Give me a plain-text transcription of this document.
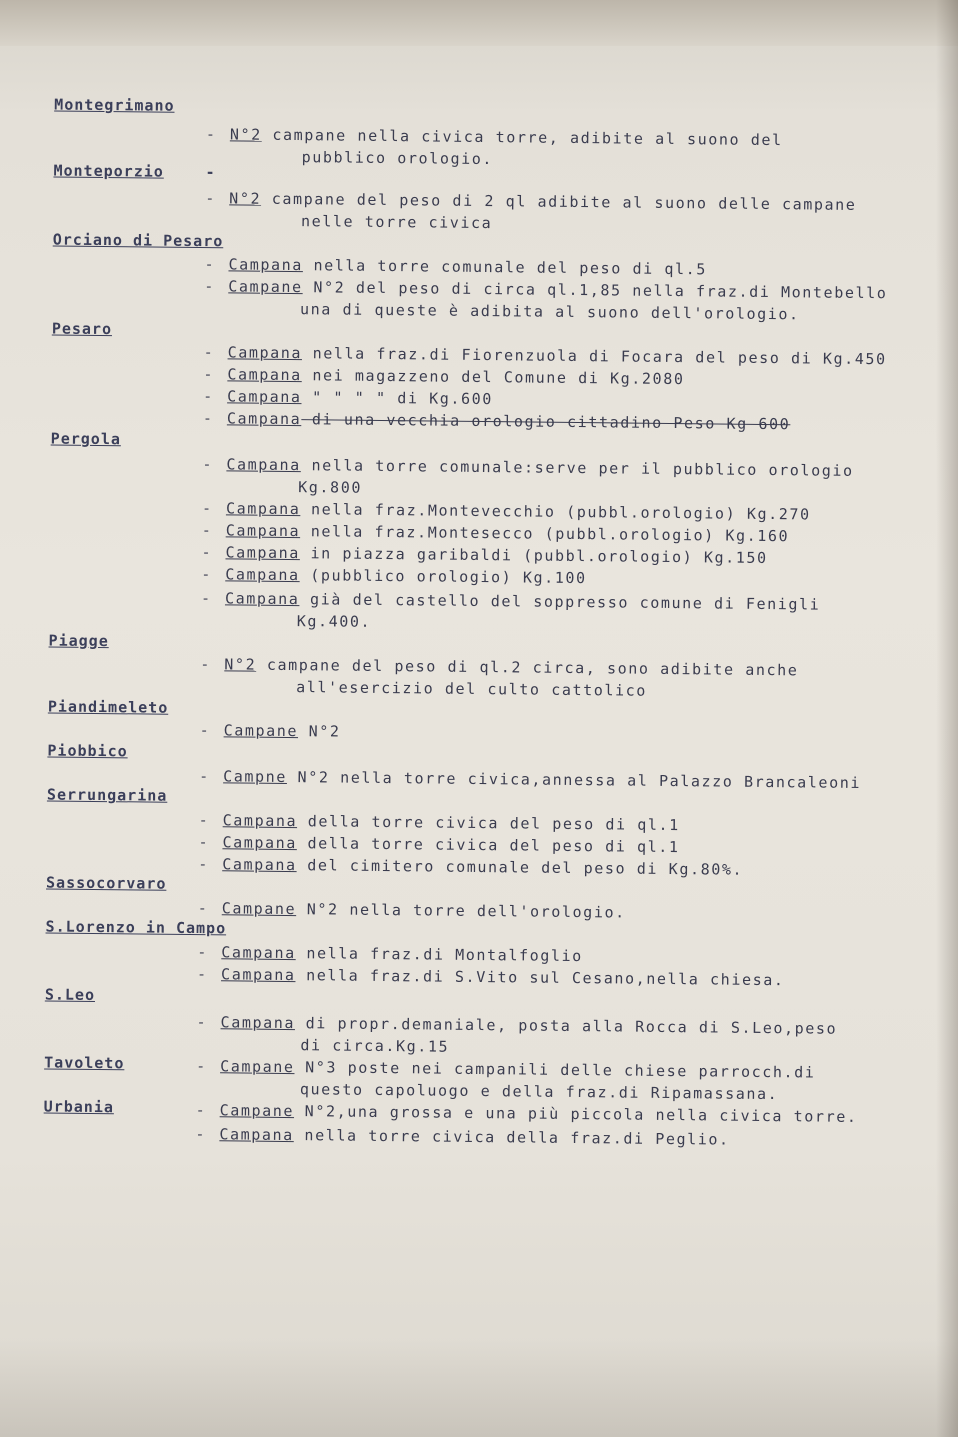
Montegrimano
- N°2 campane nella civica torre, adibite al suono del
pubblico orologio.
Monteporzio	-
- N°2 campane del peso di 2 ql adibite al suono delle campane
nelle torre civica
Orciano di Pesaro
- Campana nella torre comunale del peso di ql.5
- Campane N°2 del peso di circa ql.1,85 nella fraz.di Montebello
una di queste è adibita al suono dell'orologio.
Pesaro
- Campana nella fraz.di Fiorenzuola di Focara del peso di Kg.450
- Campana nei magazzeno del Comune di Kg.2080
- Campana " " " " di Kg.600
- Campana di una vecchia orologio cittadino Peso Kg 600
Pergola
- Campana nella torre comunale:serve per il pubblico orologio
Kg.800
- Campana nella fraz.Montevecchio (pubbl.orologio) Kg.270
- Campana nella fraz.Montesecco (pubbl.orologio) Kg.160
- Campana in piazza garibaldi (pubbl.orologio) Kg.150
- Campana (pubblico orologio) Kg.100
- Campana già del castello del soppresso comune di Fenigli
Kg.400.
Piagge
- N°2 campane del peso di ql.2 circa, sono adibite anche
all'esercizio del culto cattolico
Piandimeleto
- Campane N°2
Piobbico
- Campne N°2 nella torre civica,annessa al Palazzo Brancaleoni
Serrungarina
- Campana della torre civica del peso di ql.1
- Campana della torre civica del peso di ql.1
- Campana del cimitero comunale del peso di Kg.80%.
Sassocorvaro
- Campane N°2 nella torre dell'orologio.
S.Lorenzo in Campo
- Campana nella fraz.di Montalfoglio
- Campana nella fraz.di S.Vito sul Cesano,nella chiesa.
S.Leo
- Campana di propr.demaniale, posta alla Rocca di S.Leo,peso
di circa.Kg.15
Tavoleto	- Campane N°3 poste nei campanili delle chiese parrocch.di
questo capoluogo e della fraz.di Ripamassana.
Urbania	- Campane N°2,una grossa e una più piccola nella civica torre.
- Campana nella torre civica della fraz.di Peglio.
